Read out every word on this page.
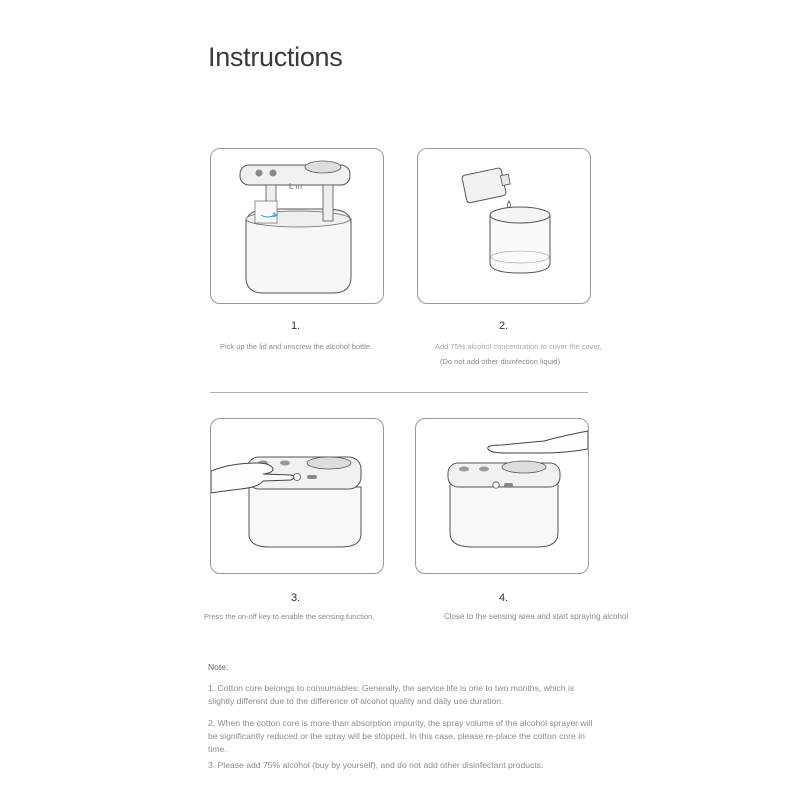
Instructions
L m
1.
Pick up the lid and unscrew the alcohol bottle.
2.
Add 75% alcohol concentration to cover the cover,
(Do not add other disinfection liquid)
3.
Press the on-off key to enable the sensing function.
4.
Close to the sensing area and start spraying alcohol
Note:
1. Cotton core belongs to consumables: Generally, the service life is one to two months, which is slightly different due to the difference of alcohol quality and daily use duration.
2. When the cotton core is more than absorption impurity, the spray volume of the alcohol sprayer will be significantly reduced or the spray will be stopped. In this case, please re-place the cotton core in time.
3. Please add 75% alcohol (buy by yourself), and do not add other disinfectant products.
